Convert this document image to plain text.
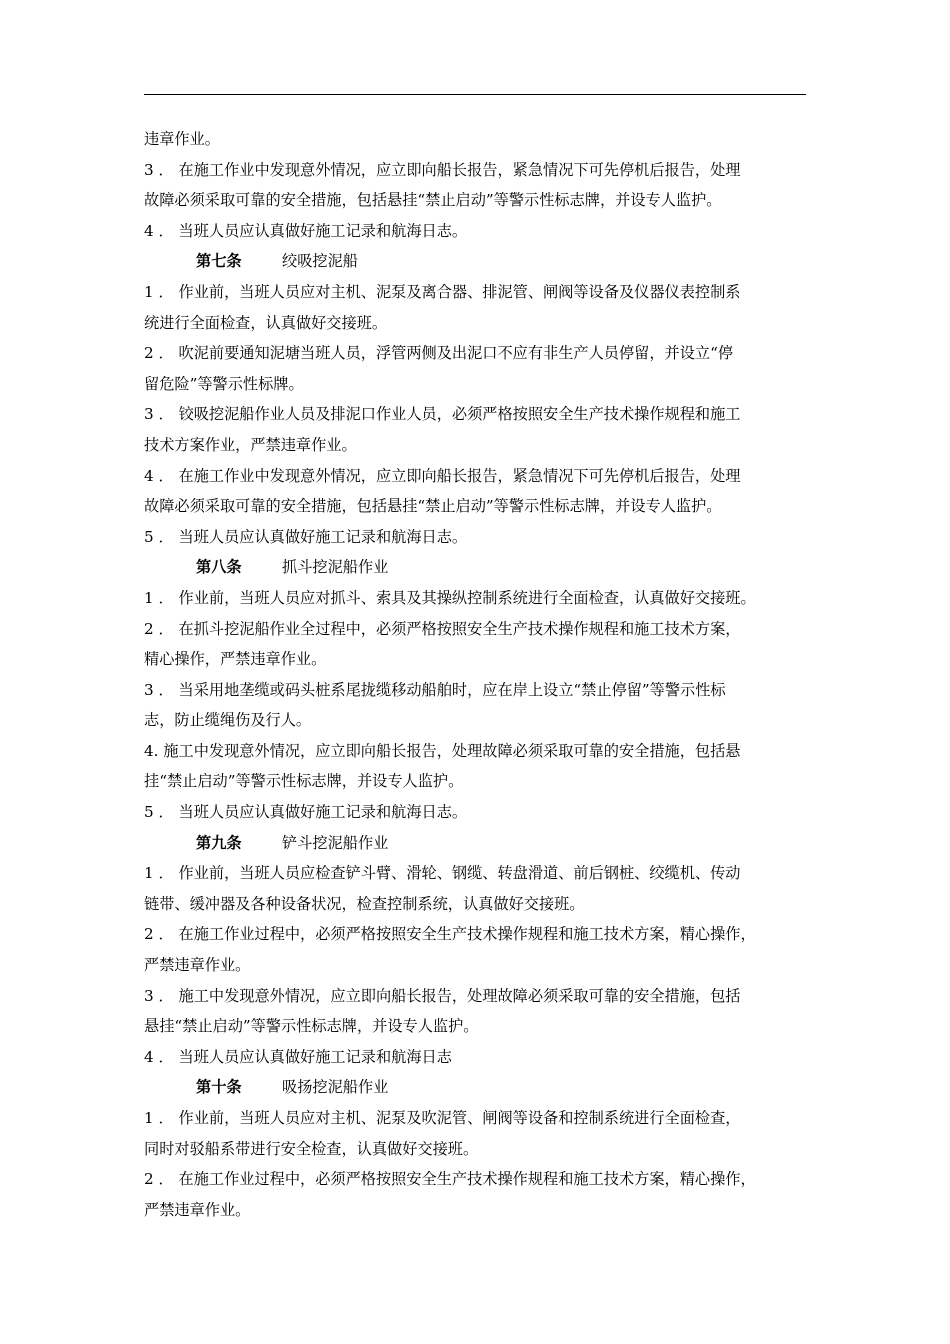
违章作业。
3 ． 在施工作业中发现意外情况，应立即向船长报告，紧急情况下可先停机后报告，处理
故障必须采取可靠的安全措施，包括悬挂“禁止启动”等警示性标志牌，并设专人监护。
4 ． 当班人员应认真做好施工记录和航海日志。
第七条	绞吸挖泥船
1 ． 作业前，当班人员应对主机、泥泵及离合器、排泥管、闸阀等设备及仪器仪表控制系
统进行全面检查，认真做好交接班。
2 ． 吹泥前要通知泥塘当班人员，浮管两侧及出泥口不应有非生产人员停留，并设立“停
留危险”等警示性标牌。
3 ． 铰吸挖泥船作业人员及排泥口作业人员，必须严格按照安全生产技术操作规程和施工
技术方案作业，严禁违章作业。
4 ． 在施工作业中发现意外情况，应立即向船长报告，紧急情况下可先停机后报告，处理
故障必须采取可靠的安全措施，包括悬挂“禁止启动”等警示性标志牌，并设专人监护。
5 ． 当班人员应认真做好施工记录和航海日志。
第八条	抓斗挖泥船作业
1 ． 作业前，当班人员应对抓斗、索具及其操纵控制系统进行全面检查，认真做好交接班。
2 ． 在抓斗挖泥船作业全过程中，必须严格按照安全生产技术操作规程和施工技术方案，
精心操作，严禁违章作业。
3 ． 当采用地垄缆或码头桩系尾拢缆移动船舶时，应在岸上设立“禁止停留”等警示性标
志，防止缆绳伤及行人。
4. 施工中发现意外情况，应立即向船长报告，处理故障必须采取可靠的安全措施，包括悬
挂“禁止启动”等警示性标志牌，并设专人监护。
5 ． 当班人员应认真做好施工记录和航海日志。
第九条	铲斗挖泥船作业
1 ． 作业前，当班人员应检查铲斗臂、滑轮、钢缆、转盘滑道、前后钢桩、绞缆机、传动
链带、缓冲器及各种设备状况，检查控制系统，认真做好交接班。
2 ． 在施工作业过程中，必须严格按照安全生产技术操作规程和施工技术方案，精心操作，
严禁违章作业。
3 ． 施工中发现意外情况，应立即向船长报告，处理故障必须采取可靠的安全措施，包括
悬挂“禁止启动”等警示性标志牌，并设专人监护。
4 ． 当班人员应认真做好施工记录和航海日志
第十条	吸扬挖泥船作业
1 ． 作业前，当班人员应对主机、泥泵及吹泥管、闸阀等设备和控制系统进行全面检查，
同时对驳船系带进行安全检查，认真做好交接班。
2 ． 在施工作业过程中，必须严格按照安全生产技术操作规程和施工技术方案，精心操作，
严禁违章作业。
